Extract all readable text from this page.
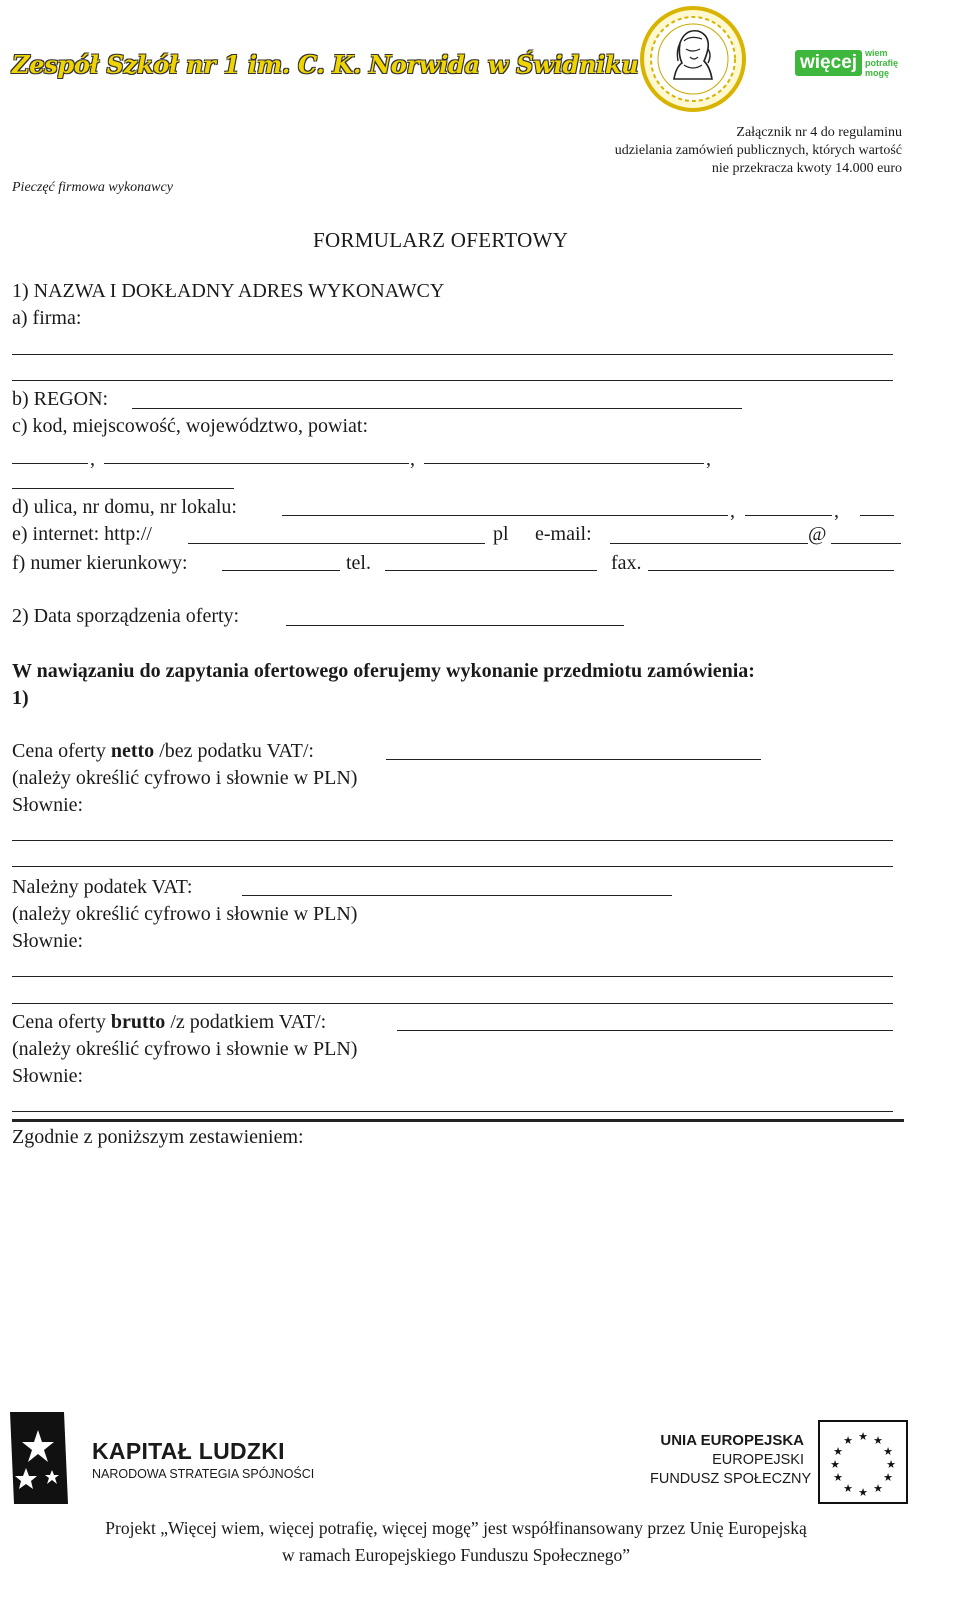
Zespół Szkół nr 1 im. C. K. Norwida w Świdniku	więcej wiem
potrafię
mogę
Załącznik nr 4 do regulaminu
udzielania zamówień publicznych, których wartość
nie przekracza kwoty 14.000 euro
Pieczęć firmowa wykonawcy
FORMULARZ OFERTOWY
1) NAZWA I DOKŁADNY ADRES WYKONAWCY
a) firma:
b) REGON:
c) kod, miejscowość, województwo, powiat:
,	,	,
d) ulica, nr domu, nr lokalu:	,	,
e) internet: http://	pl e-mail:	@
f) numer kierunkowy:	tel.	fax.
2) Data sporządzenia oferty:
W nawiązaniu do zapytania ofertowego oferujemy wykonanie przedmiotu zamówienia:
1)
Cena oferty netto /bez podatku VAT/:
(należy określić cyfrowo i słownie w PLN)
Słownie:
Należny podatek VAT:
(należy określić cyfrowo i słownie w PLN)
Słownie:
Cena oferty brutto /z podatkiem VAT/:
(należy określić cyfrowo i słownie w PLN)
Słownie:
Zgodnie z poniższym zestawieniem:
KAPITAŁ LUDZKI
NARODOWA STRATEGIA SPÓJNOŚCI
UNIA EUROPEJSKA
EUROPEJSKI
FUNDUSZ SPOŁECZNY
★ ★
★
★
★
★
★
★
★
★
★
★
Projekt „Więcej wiem, więcej potrafię, więcej mogę” jest współfinansowany przez Unię Europejską
w ramach Europejskiego Funduszu Społecznego”
